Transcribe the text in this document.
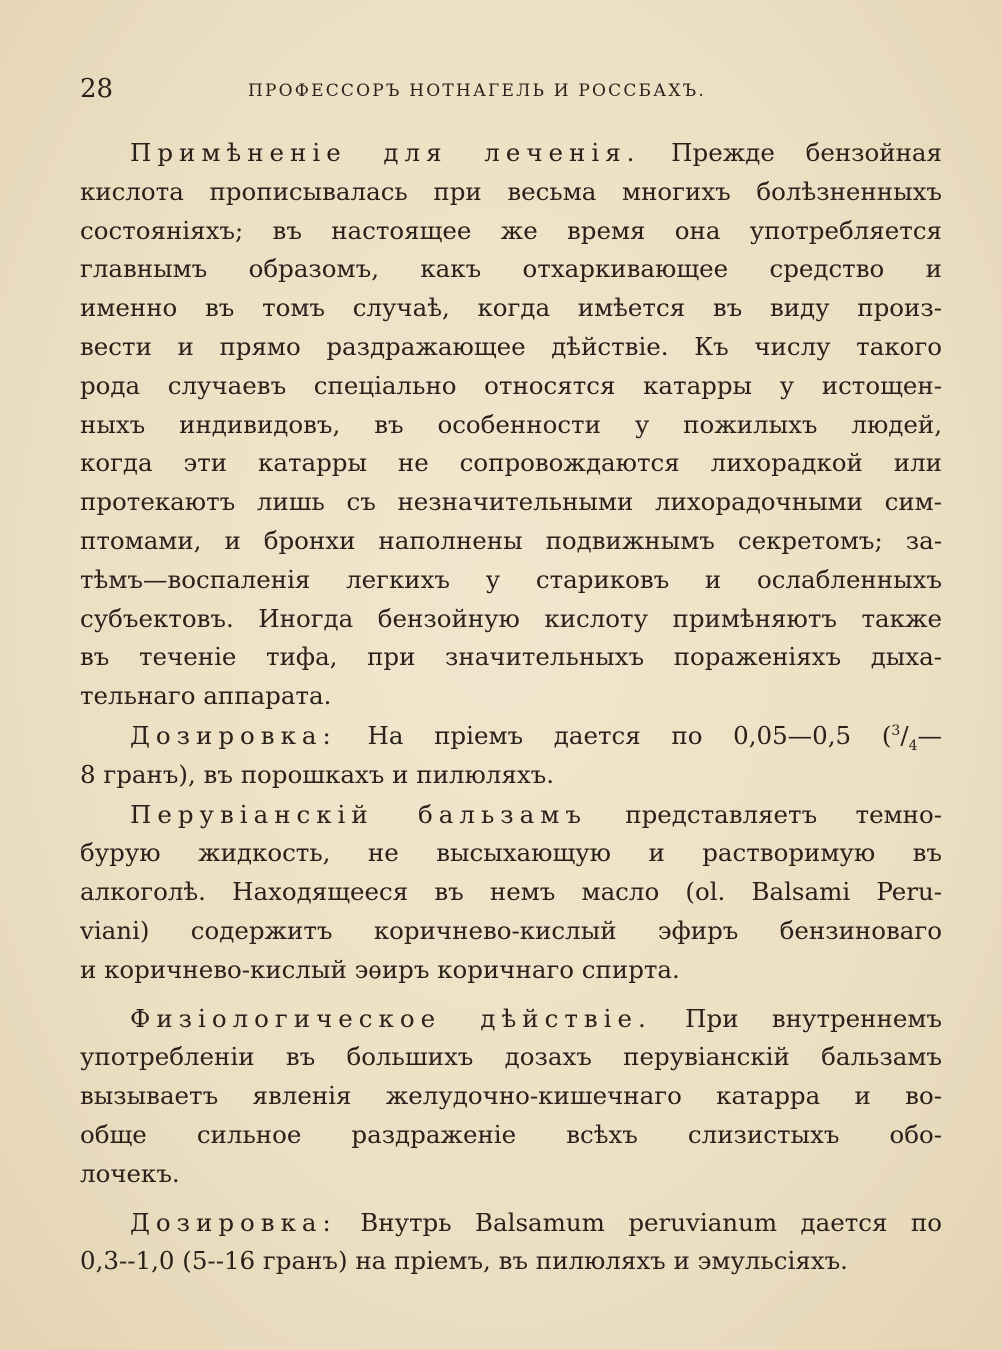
28	ПРОФЕССОРЪ НОТНАГЕЛЬ И РОССБАХЪ.
Примѣненіе для леченія. Прежде бензойная
кислота прописывалась при весьма многихъ болѣзненныхъ
состояніяхъ; въ настоящее же время она употребляется
главнымъ образомъ, какъ отхаркивающее средство и
именно въ томъ случаѣ, когда имѣется въ виду произ-
вести и прямо раздражающее дѣйствіе. Къ числу такого
рода случаевъ спеціально относятся катарры у истощен-
ныхъ индивидовъ, въ особенности у пожилыхъ людей,
когда эти катарры не сопровождаются лихорадкой или
протекаютъ лишь съ незначительными лихорадочными сим-
птомами, и бронхи наполнены подвижнымъ секретомъ; за-
тѣмъ—воспаленія легкихъ у стариковъ и ослабленныхъ
субъектовъ. Иногда бензойную кислоту примѣняютъ также
въ теченіе тифа, при значительныхъ пораженіяхъ дыха-
тельнаго аппарата.
Дозировка: На пріемъ дается по 0,05—0,5 ($^3/_4—$
8 гранъ), въ порошкахъ и пилюляхъ.
Перувіанскій бальзамъ представляетъ темно-
бурую жидкость, не высыхающую и растворимую въ
алкоголѣ. Находящееся въ немъ масло (ol. Balsami Peru-
viani) содержитъ коричнево-кислый эфиръ бензиноваго
и коричнево-кислый эѳиръ коричнаго спирта.
Физіологическое дѣйствіе. При внутреннемъ
употребленіи въ большихъ дозахъ перувіанскій бальзамъ
вызываетъ явленія желудочно-кишечнаго катарра и во-
обще сильное раздраженіе всѣхъ слизистыхъ обо-
лочекъ.
Дозировка: Внутрь Balsamum peruvianum дается по
0,3--1,0 (5--16 гранъ) на пріемъ, въ пилюляхъ и эмульсіяхъ.
